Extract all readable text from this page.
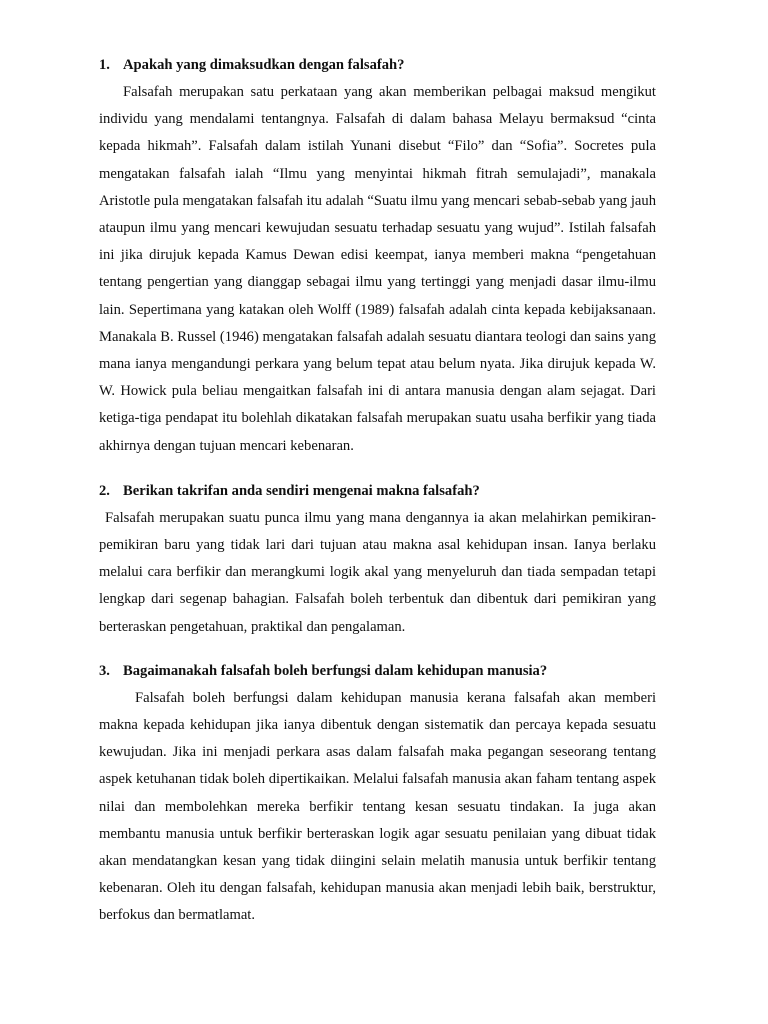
1. Apakah yang dimaksudkan dengan falsafah?

Falsafah merupakan satu perkataan yang akan memberikan pelbagai maksud mengikut individu yang mendalami tentangnya. Falsafah di dalam bahasa Melayu bermaksud “cinta kepada hikmah”. Falsafah dalam istilah Yunani disebut “Filo” dan “Sofia”. Socretes pula mengatakan falsafah ialah “Ilmu yang menyintai hikmah fitrah semulajadi”, manakala Aristotle pula mengatakan falsafah itu adalah “Suatu ilmu yang mencari sebab-sebab yang jauh ataupun ilmu yang mencari kewujudan sesuatu terhadap sesuatu yang wujud”. Istilah falsafah ini jika dirujuk kepada Kamus Dewan edisi keempat, ianya memberi makna “pengetahuan tentang pengertian yang dianggap sebagai ilmu yang tertinggi yang menjadi dasar ilmu-ilmu lain. Sepertimana yang katakan oleh Wolff (1989) falsafah adalah cinta kepada kebijaksanaan. Manakala B. Russel (1946) mengatakan falsafah adalah sesuatu diantara teologi dan sains yang mana ianya mengandungi perkara yang belum tepat atau belum nyata. Jika dirujuk kepada W. W. Howick pula beliau mengaitkan falsafah ini di antara manusia dengan alam sejagat. Dari ketiga-tiga pendapat itu bolehlah dikatakan falsafah merupakan suatu usaha berfikir yang tiada akhirnya dengan tujuan mencari kebenaran.

2. Berikan takrifan anda sendiri mengenai makna falsafah?

Falsafah merupakan suatu punca ilmu yang mana dengannya ia akan melahirkan pemikiran-pemikiran baru yang tidak lari dari tujuan atau makna asal kehidupan insan. Ianya berlaku melalui cara berfikir dan merangkumi logik akal yang menyeluruh dan tiada sempadan tetapi lengkap dari segenap bahagian. Falsafah boleh terbentuk dan dibentuk dari pemikiran yang berteraskan pengetahuan, praktikal dan pengalaman.

3. Bagaimanakah falsafah boleh berfungsi dalam kehidupan manusia?

Falsafah boleh berfungsi dalam kehidupan manusia kerana falsafah akan memberi makna kepada kehidupan jika ianya dibentuk dengan sistematik dan percaya kepada sesuatu kewujudan. Jika ini menjadi perkara asas dalam falsafah maka pegangan seseorang tentang aspek ketuhanan tidak boleh dipertikaikan. Melalui falsafah manusia akan faham tentang aspek nilai dan membolehkan mereka berfikir tentang kesan sesuatu tindakan. Ia juga akan membantu manusia untuk berfikir berteraskan logik agar sesuatu penilaian yang dibuat tidak akan mendatangkan kesan yang tidak diingini selain melatih manusia untuk berfikir tentang kebenaran. Oleh itu dengan falsafah, kehidupan manusia akan menjadi lebih baik, berstruktur, berfokus dan bermatlamat.
